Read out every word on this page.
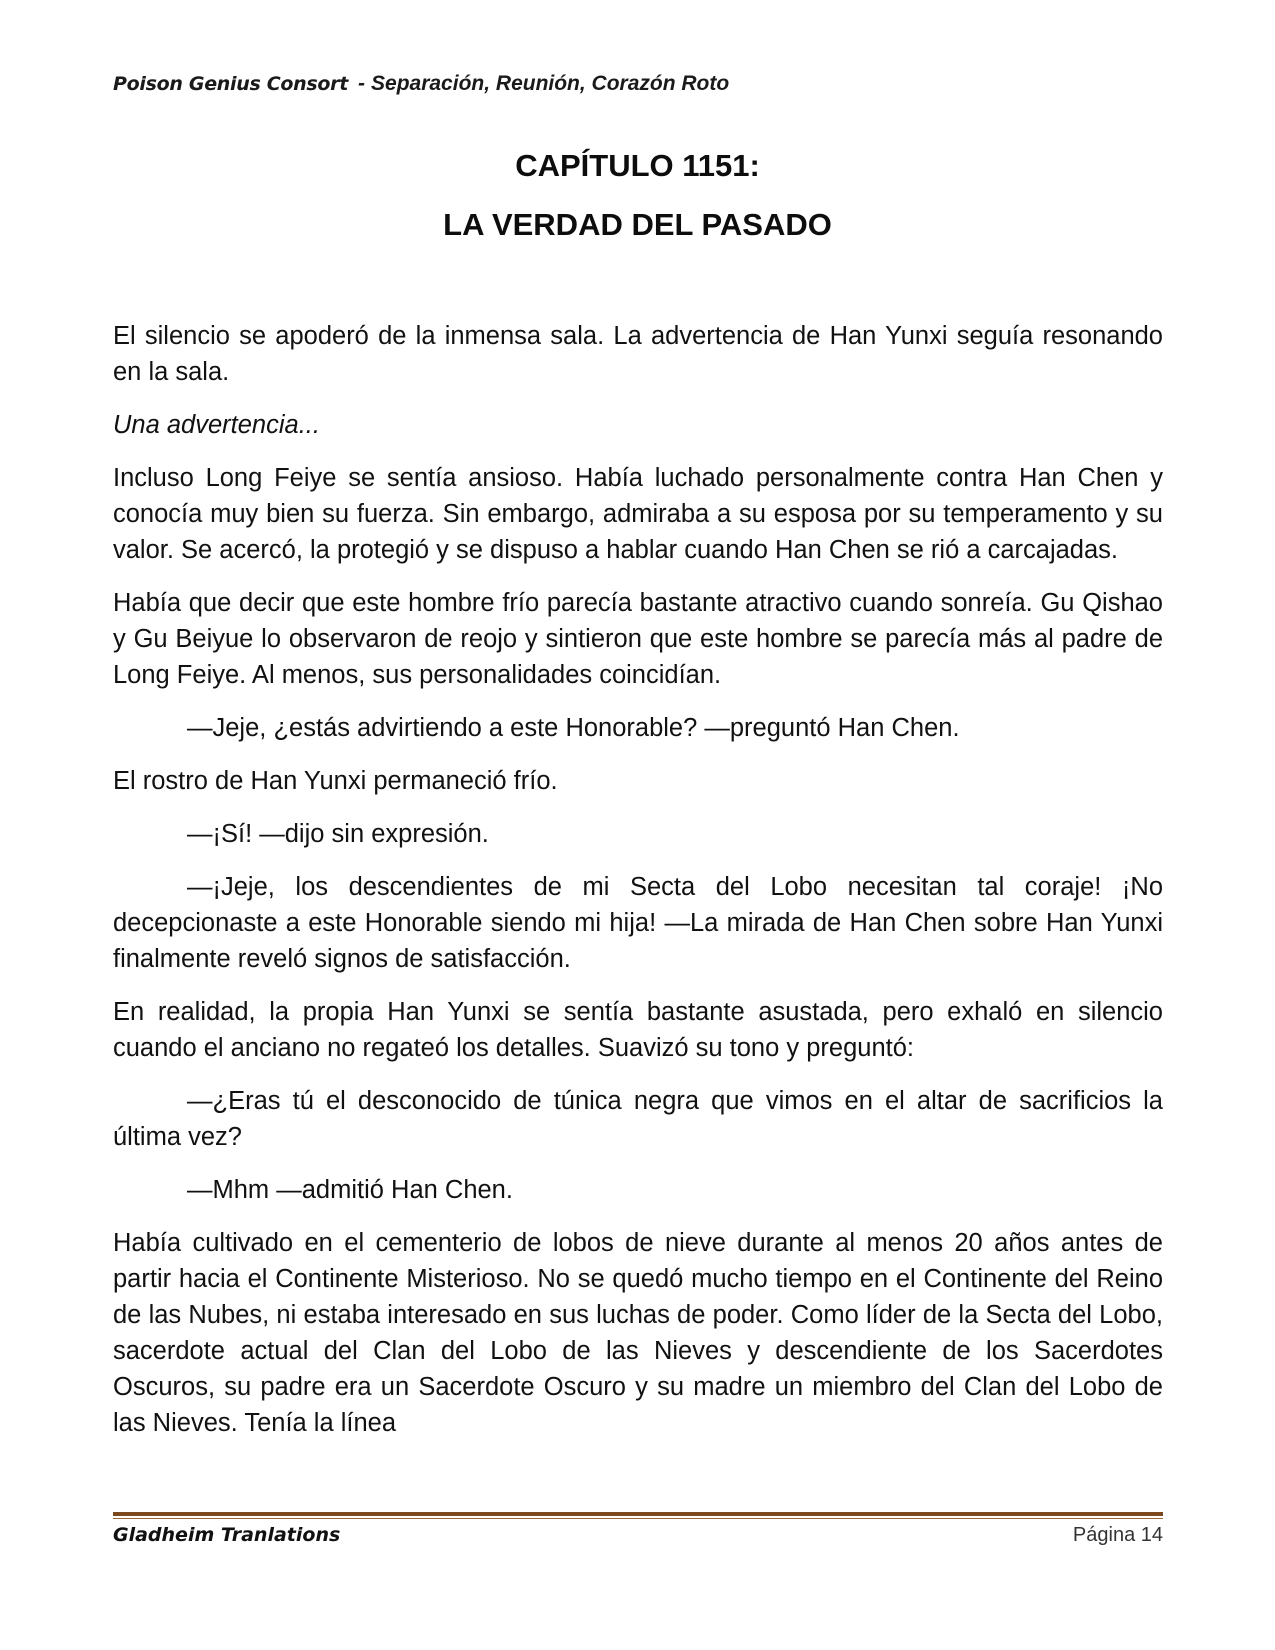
Poison Genius Consort - Separación, Reunión, Corazón Roto
CAPÍTULO 1151:
LA VERDAD DEL PASADO

El silencio se apoderó de la inmensa sala. La advertencia de Han Yunxi seguía resonando en la sala.

Una advertencia...

Incluso Long Feiye se sentía ansioso. Había luchado personalmente contra Han Chen y conocía muy bien su fuerza. Sin embargo, admiraba a su esposa por su temperamento y su valor. Se acercó, la protegió y se dispuso a hablar cuando Han Chen se rió a carcajadas.

Había que decir que este hombre frío parecía bastante atractivo cuando sonreía. Gu Qishao y Gu Beiyue lo observaron de reojo y sintieron que este hombre se parecía más al padre de Long Feiye. Al menos, sus personalidades coincidían.

—Jeje, ¿estás advirtiendo a este Honorable? —preguntó Han Chen.

El rostro de Han Yunxi permaneció frío.

—¡Sí! —dijo sin expresión.

—¡Jeje, los descendientes de mi Secta del Lobo necesitan tal coraje! ¡No decepcionaste a este Honorable siendo mi hija! —La mirada de Han Chen sobre Han Yunxi finalmente reveló signos de satisfacción.

En realidad, la propia Han Yunxi se sentía bastante asustada, pero exhaló en silencio cuando el anciano no regateó los detalles. Suavizó su tono y preguntó:

—¿Eras tú el desconocido de túnica negra que vimos en el altar de sacrificios la última vez?

—Mhm —admitió Han Chen.

Había cultivado en el cementerio de lobos de nieve durante al menos 20 años antes de partir hacia el Continente Misterioso. No se quedó mucho tiempo en el Continente del Reino de las Nubes, ni estaba interesado en sus luchas de poder. Como líder de la Secta del Lobo, sacerdote actual del Clan del Lobo de las Nieves y descendiente de los Sacerdotes Oscuros, su padre era un Sacerdote Oscuro y su madre un miembro del Clan del Lobo de las Nieves. Tenía la línea

Gladheim Tranlations	Página 14
